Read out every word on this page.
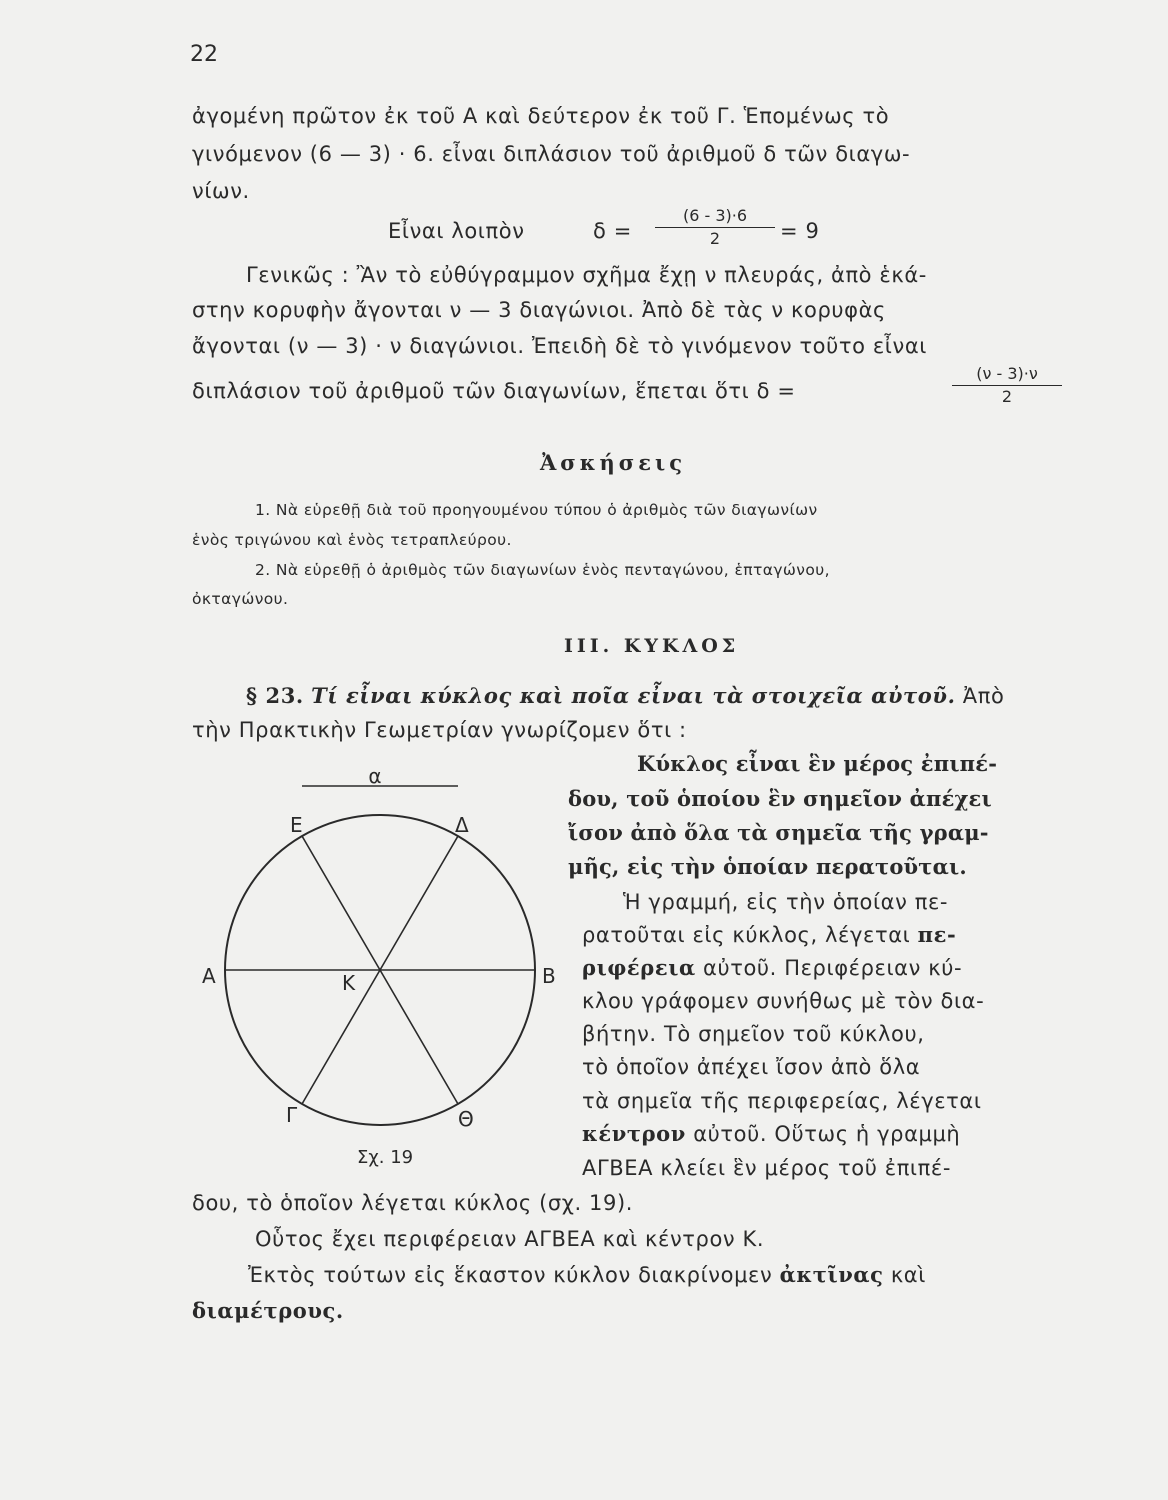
22
ἀγομένη πρῶτον ἐκ τοῦ Α καὶ δεύτερον ἐκ τοῦ Γ. Ἑπομένως τὸ
γινόμενον (6 — 3) · 6. εἶναι διπλάσιον τοῦ ἀριθμοῦ δ τῶν διαγω-
νίων.
Εἶναι λοιπὸν	δ =
(6 - 3)·6
2	= 9
Γενικῶς : Ἂν τὸ εὐθύγραμμον σχῆμα ἔχῃ ν πλευράς, ἀπὸ ἑκά-
στην κορυφὴν ἄγονται ν — 3 διαγώνιοι. Ἀπὸ δὲ τὰς ν κορυφὰς
ἄγονται (ν — 3) · ν διαγώνιοι. Ἐπειδὴ δὲ τὸ γινόμενον τοῦτο εἶναι
διπλάσιον τοῦ ἀριθμοῦ τῶν διαγωνίων, ἕπεται ὅτι δ =
(ν - 3)·ν
2
Ἀσκήσεις
1. Νὰ εὑρεθῇ διὰ τοῦ προηγουμένου τύπου ὁ ἀριθμὸς τῶν διαγωνίων
ἑνὸς τριγώνου καὶ ἑνὸς τετραπλεύρου.
2. Νὰ εὑρεθῇ ὁ ἀριθμὸς τῶν διαγωνίων ἑνὸς πενταγώνου, ἑπταγώνου,
ὀκταγώνου.
III. ΚΥΚΛΟΣ
§ 23. Τί εἶναι κύκλος καὶ ποῖα εἶναι τὰ στοιχεῖα αὐτοῦ. Ἀπὸ
τὴν Πρακτικὴν Γεωμετρίαν γνωρίζομεν ὅτι :
Κύκλος εἶναι ἓν μέρος ἐπιπέ-
δου, τοῦ ὁποίου ἓν σημεῖον ἀπέχει
ἴσον ἀπὸ ὅλα τὰ σημεῖα τῆς γραμ-
μῆς, εἰς τὴν ὁποίαν περατοῦται.
Ἡ γραμμή, εἰς τὴν ὁποίαν πε-
ρατοῦται εἰς κύκλος, λέγεται πε-
ριφέρεια αὐτοῦ. Περιφέρειαν κύ-
κλου γράφομεν συνήθως μὲ τὸν δια-
βήτην. Τὸ σημεῖον τοῦ κύκλου,
τὸ ὁποῖον ἀπέχει ἴσον ἀπὸ ὅλα
τὰ σημεῖα τῆς περιφερείας, λέγεται
κέντρον αὐτοῦ. Οὕτως ἡ γραμμὴ
ΑΓΒΕΑ κλείει ἓν μέρος τοῦ ἐπιπέ-
α
Α	Β
Κ
Ε	Δ
Γ	Θ
Σχ. 19
δου, τὸ ὁποῖον λέγεται κύκλος (σχ. 19).
Οὗτος ἔχει περιφέρειαν ΑΓΒΕΑ καὶ κέντρον Κ.
Ἐκτὸς τούτων εἰς ἕκαστον κύκλον διακρίνομεν ἀκτῖνας καὶ
διαμέτρους.
